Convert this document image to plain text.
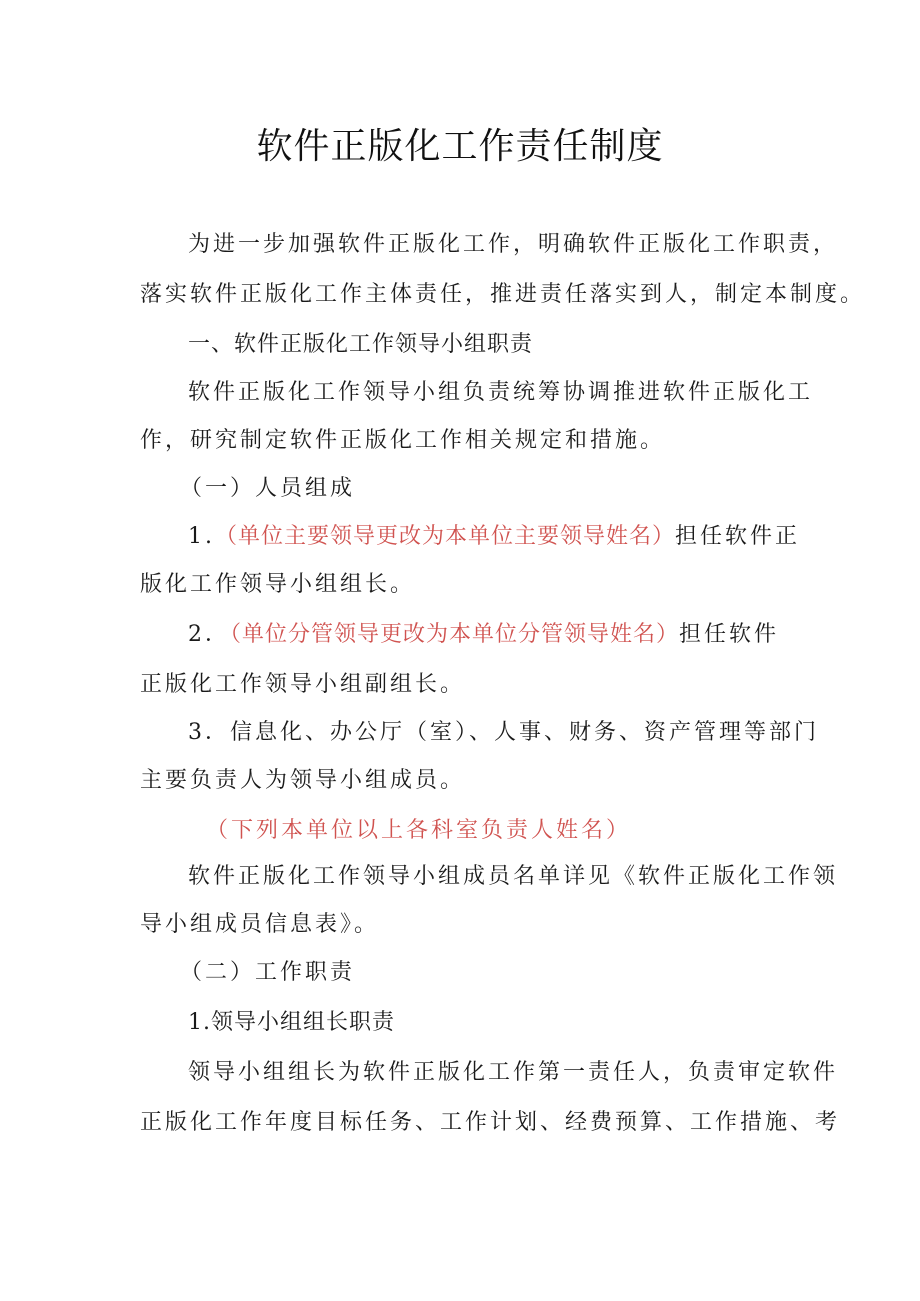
软件正版化工作责任制度
为进一步加强软件正版化工作，明确软件正版化工作职责，
落实软件正版化工作主体责任，推进责任落实到人，制定本制度。
一、软件正版化工作领导小组职责
软件正版化工作领导小组负责统筹协调推进软件正版化工
作，研究制定软件正版化工作相关规定和措施。
（一）人员组成
1.（单位主要领导更改为本单位主要领导姓名）担任软件正
版化工作领导小组组长。
2．（单位分管领导更改为本单位分管领导姓名）担任软件
正版化工作领导小组副组长。
3．信息化、办公厅（室）、人事、财务、资产管理等部门
主要负责人为领导小组成员。
（下列本单位以上各科室负责人姓名）
软件正版化工作领导小组成员名单详见《软件正版化工作领
导小组成员信息表》。
（二）工作职责
1.领导小组组长职责
领导小组组长为软件正版化工作第一责任人，负责审定软件
正版化工作年度目标任务、工作计划、经费预算、工作措施、考
